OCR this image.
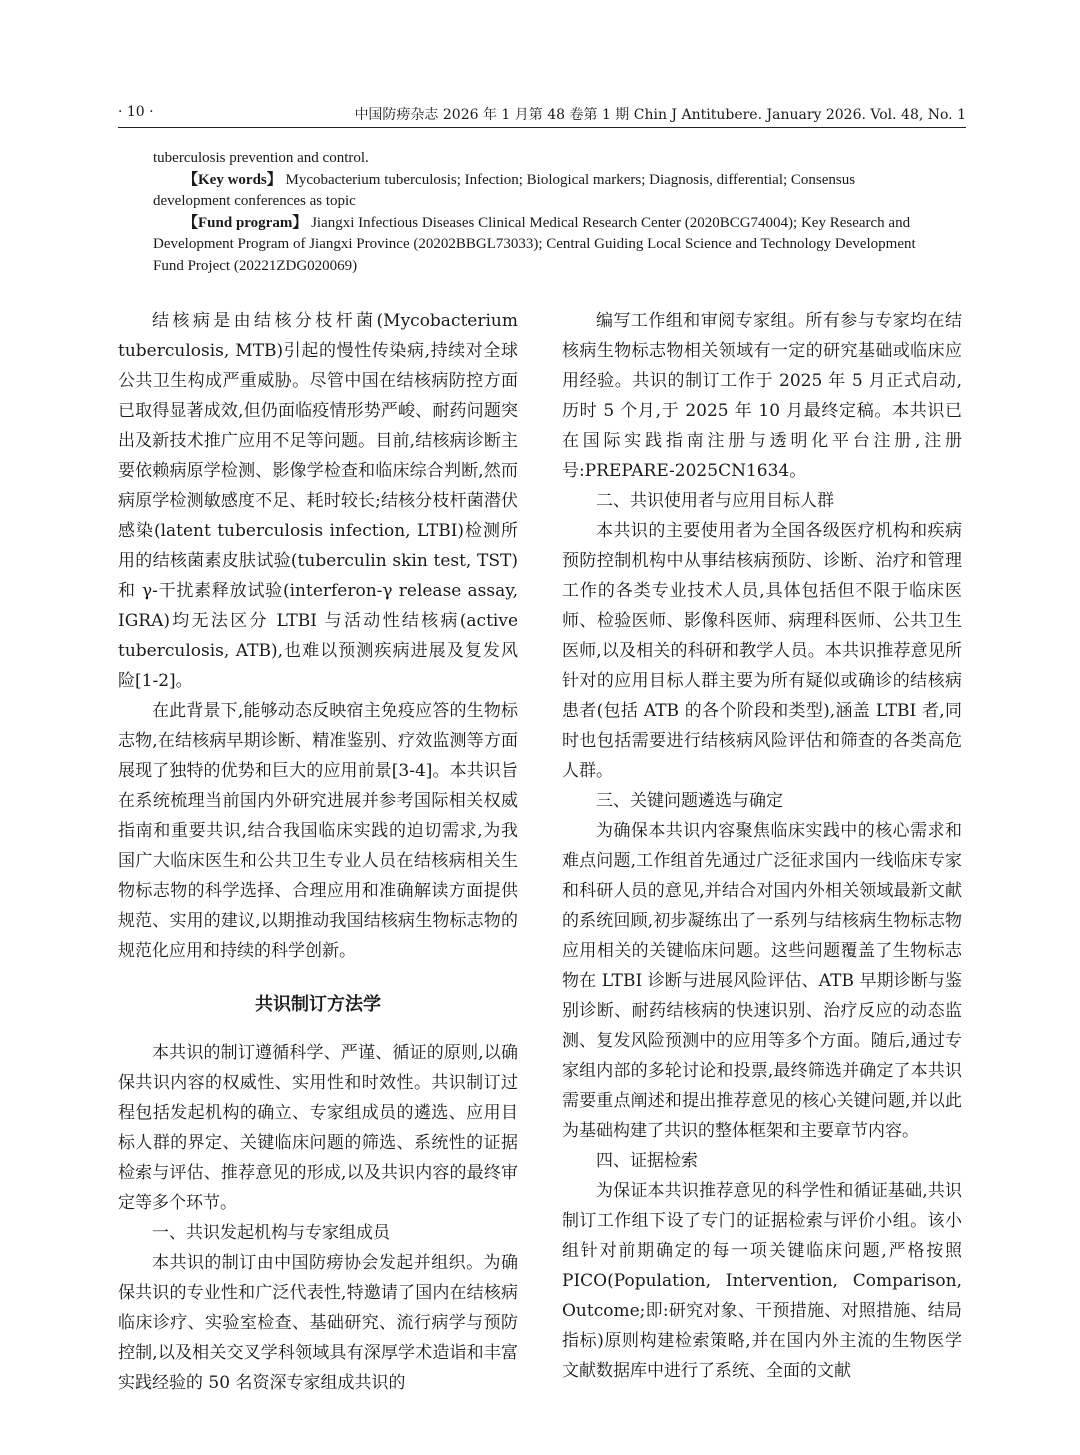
· 10 ·	中国防痨杂志 2026 年 1 月第 48 卷第 1 期 Chin J Antitubere. January 2026. Vol. 48, No. 1

tuberculosis prevention and control.

【Key words】 Mycobacterium tuberculosis; Infection; Biological markers; Diagnosis, differential; Consensus development conferences as topic

【Fund program】 Jiangxi Infectious Diseases Clinical Medical Research Center (2020BCG74004); Key Research and Development Program of Jiangxi Province (20202BBGL73033); Central Guiding Local Science and Technology Development Fund Project (20221ZDG020069)

结核病是由结核分枝杆菌(Mycobacterium tuberculosis, MTB)引起的慢性传染病,持续对全球公共卫生构成严重威胁。尽管中国在结核病防控方面已取得显著成效,但仍面临疫情形势严峻、耐药问题突出及新技术推广应用不足等问题。目前,结核病诊断主要依赖病原学检测、影像学检查和临床综合判断,然而病原学检测敏感度不足、耗时较长;结核分枝杆菌潜伏感染(latent tuberculosis infection, LTBI)检测所用的结核菌素皮肤试验(tuberculin skin test, TST)和 γ-干扰素释放试验(interferon-γ release assay, IGRA)均无法区分 LTBI 与活动性结核病(active tuberculosis, ATB),也难以预测疾病进展及复发风险[1-2]。

在此背景下,能够动态反映宿主免疫应答的生物标志物,在结核病早期诊断、精准鉴别、疗效监测等方面展现了独特的优势和巨大的应用前景[3-4]。本共识旨在系统梳理当前国内外研究进展并参考国际相关权威指南和重要共识,结合我国临床实践的迫切需求,为我国广大临床医生和公共卫生专业人员在结核病相关生物标志物的科学选择、合理应用和准确解读方面提供规范、实用的建议,以期推动我国结核病生物标志物的规范化应用和持续的科学创新。

共识制订方法学

本共识的制订遵循科学、严谨、循证的原则,以确保共识内容的权威性、实用性和时效性。共识制订过程包括发起机构的确立、专家组成员的遴选、应用目标人群的界定、关键临床问题的筛选、系统性的证据检索与评估、推荐意见的形成,以及共识内容的最终审定等多个环节。

一、共识发起机构与专家组成员

本共识的制订由中国防痨协会发起并组织。为确保共识的专业性和广泛代表性,特邀请了国内在结核病临床诊疗、实验室检查、基础研究、流行病学与预防控制,以及相关交叉学科领域具有深厚学术造诣和丰富实践经验的 50 名资深专家组成共识的

编写工作组和审阅专家组。所有参与专家均在结核病生物标志物相关领域有一定的研究基础或临床应用经验。共识的制订工作于 2025 年 5 月正式启动,历时 5 个月,于 2025 年 10 月最终定稿。本共识已在国际实践指南注册与透明化平台注册,注册号:PREPARE-2025CN1634。

二、共识使用者与应用目标人群

本共识的主要使用者为全国各级医疗机构和疾病预防控制机构中从事结核病预防、诊断、治疗和管理工作的各类专业技术人员,具体包括但不限于临床医师、检验医师、影像科医师、病理科医师、公共卫生医师,以及相关的科研和教学人员。本共识推荐意见所针对的应用目标人群主要为所有疑似或确诊的结核病患者(包括 ATB 的各个阶段和类型),涵盖 LTBI 者,同时也包括需要进行结核病风险评估和筛查的各类高危人群。

三、关键问题遴选与确定

为确保本共识内容聚焦临床实践中的核心需求和难点问题,工作组首先通过广泛征求国内一线临床专家和科研人员的意见,并结合对国内外相关领域最新文献的系统回顾,初步凝练出了一系列与结核病生物标志物应用相关的关键临床问题。这些问题覆盖了生物标志物在 LTBI 诊断与进展风险评估、ATB 早期诊断与鉴别诊断、耐药结核病的快速识别、治疗反应的动态监测、复发风险预测中的应用等多个方面。随后,通过专家组内部的多轮讨论和投票,最终筛选并确定了本共识需要重点阐述和提出推荐意见的核心关键问题,并以此为基础构建了共识的整体框架和主要章节内容。

四、证据检索

为保证本共识推荐意见的科学性和循证基础,共识制订工作组下设了专门的证据检索与评价小组。该小组针对前期确定的每一项关键临床问题,严格按照 PICO(Population, Intervention, Comparison, Outcome;即:研究对象、干预措施、对照措施、结局指标)原则构建检索策略,并在国内外主流的生物医学文献数据库中进行了系统、全面的文献
